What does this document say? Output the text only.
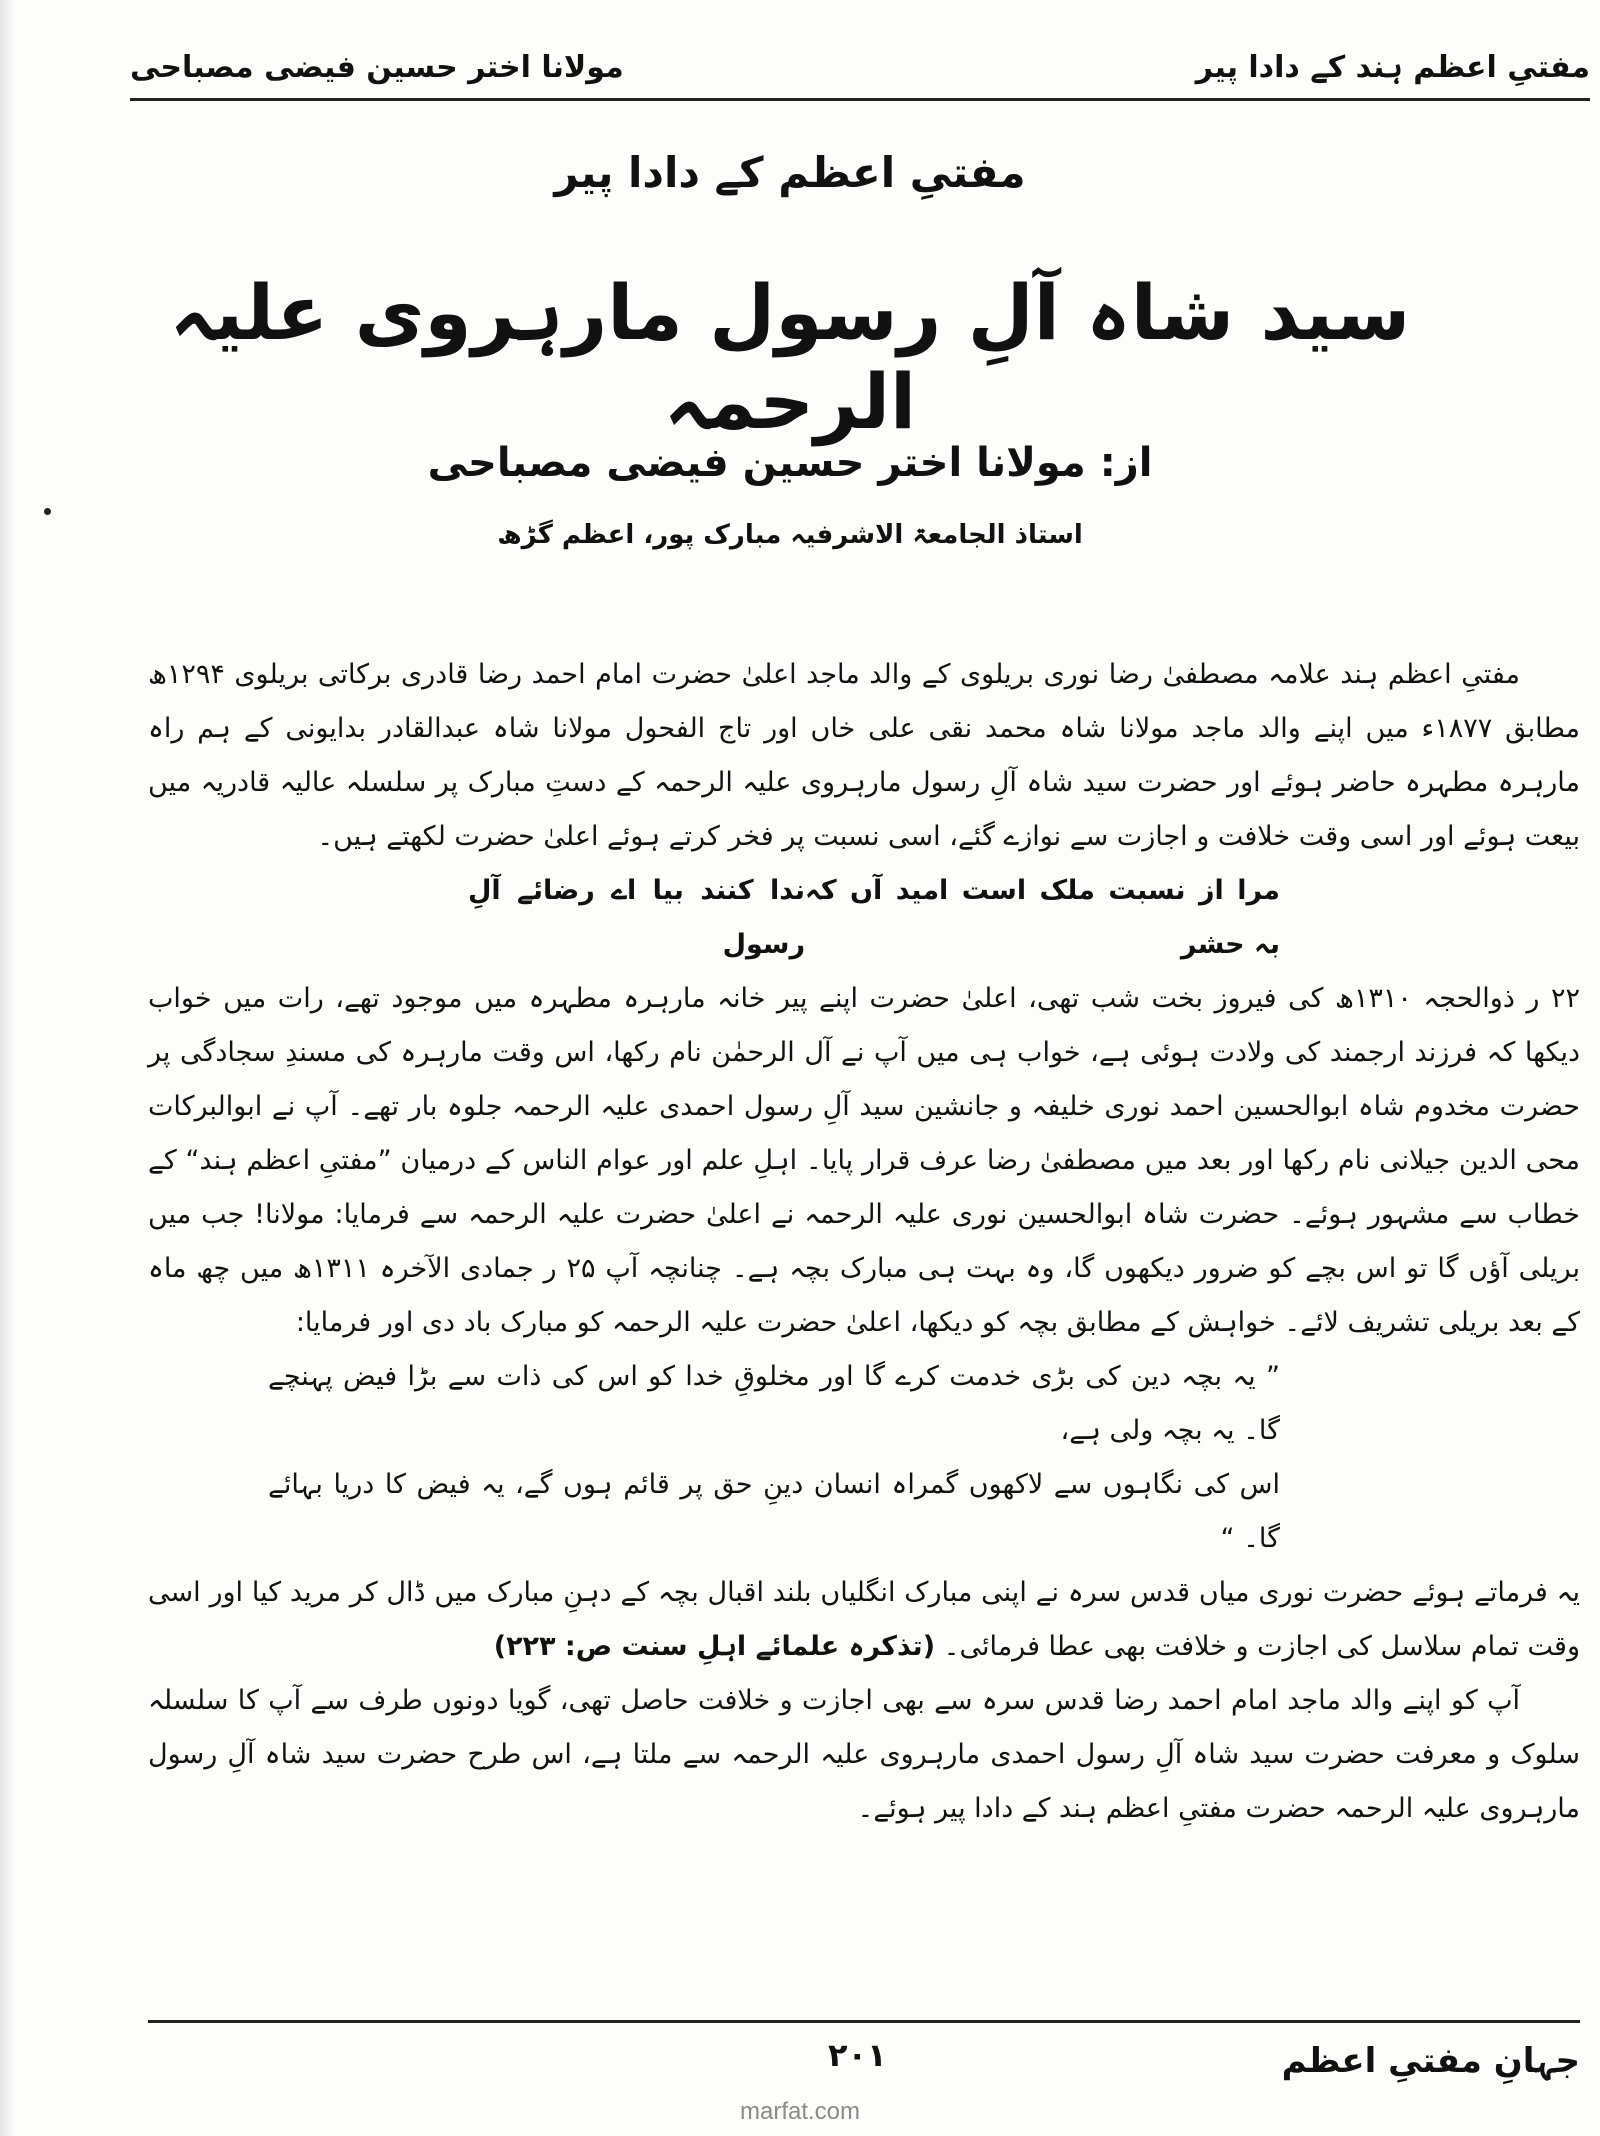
مفتیِ اعظم ہند کے دادا پیر
مولانا اختر حسین فیضی مصباحی
مفتیِ اعظم کے دادا پیر
سید شاہ آلِ رسول مارہروی علیہ الرحمہ
از: مولانا اختر حسین فیضی مصباحی
استاذ الجامعۃ الاشرفیہ مبارک پور، اعظم گڑھ

مفتیِ اعظم ہند علامہ مصطفیٰ رضا نوری بریلوی کے والد ماجد اعلیٰ حضرت امام احمد رضا قادری برکاتی بریلوی ۱۲۹۴ھ مطابق ۱۸۷۷ء میں اپنے والد ماجد مولانا شاہ محمد نقی علی خاں اور تاج الفحول مولانا شاہ عبدالقادر بدایونی کے ہم راہ مارہرہ مطہرہ حاضر ہوئے اور حضرت سید شاہ آلِ رسول مارہروی علیہ الرحمہ کے دستِ مبارک پر سلسلہ عالیہ قادریہ میں بیعت ہوئے اور اسی وقت خلافت و اجازت سے نوازے گئے، اسی نسبت پر فخر کرتے ہوئے اعلیٰ حضرت لکھتے ہیں۔

مرا از نسبت ملک است امید آں کہ بہ حشر
ندا کنند بیا اے رضائے آلِ رسول

۲۲ ر ذوالحجہ ۱۳۱۰ھ کی فیروز بخت شب تھی، اعلیٰ حضرت اپنے پیر خانہ مارہرہ مطہرہ میں موجود تھے، رات میں خواب دیکھا کہ فرزند ارجمند کی ولادت ہوئی ہے، خواب ہی میں آپ نے آل الرحمٰن نام رکھا، اس وقت مارہرہ کی مسندِ سجادگی پر حضرت مخدوم شاہ ابوالحسین احمد نوری خلیفہ و جانشین سید آلِ رسول احمدی علیہ الرحمہ جلوہ بار تھے۔ آپ نے ابوالبرکات محی الدین جیلانی نام رکھا اور بعد میں مصطفیٰ رضا عرف قرار پایا۔ اہلِ علم اور عوام الناس کے درمیان ”مفتیِ اعظم ہند“ کے خطاب سے مشہور ہوئے۔ حضرت شاہ ابوالحسین نوری علیہ الرحمہ نے اعلیٰ حضرت علیہ الرحمہ سے فرمایا: مولانا! جب میں بریلی آؤں گا تو اس بچے کو ضرور دیکھوں گا، وہ بہت ہی مبارک بچہ ہے۔ چنانچہ آپ ۲۵ ر جمادی الآخرہ ۱۳۱۱ھ میں چھ ماہ کے بعد بریلی تشریف لائے۔ خواہش کے مطابق بچہ کو دیکھا، اعلیٰ حضرت علیہ الرحمہ کو مبارک باد دی اور فرمایا:

” یہ بچہ دین کی بڑی خدمت کرے گا اور مخلوقِ خدا کو اس کی ذات سے بڑا فیض پہنچے گا۔ یہ بچہ ولی ہے،

اس کی نگاہوں سے لاکھوں گمراہ انسان دینِ حق پر قائم ہوں گے، یہ فیض کا دریا بہائے گا۔ “

یہ فرماتے ہوئے حضرت نوری میاں قدس سرہ نے اپنی مبارک انگلیاں بلند اقبال بچہ کے دہنِ مبارک میں ڈال کر مرید کیا اور اسی وقت تمام سلاسل کی اجازت و خلافت بھی عطا فرمائی۔ (تذکرہ علمائے اہلِ سنت ص: ۲۲۳)

آپ کو اپنے والد ماجد امام احمد رضا قدس سرہ سے بھی اجازت و خلافت حاصل تھی، گویا دونوں طرف سے آپ کا سلسلہ سلوک و معرفت حضرت سید شاہ آلِ رسول احمدی مارہروی علیہ الرحمہ سے ملتا ہے، اس طرح حضرت سید شاہ آلِ رسول مارہروی علیہ الرحمہ حضرت مفتیِ اعظم ہند کے دادا پیر ہوئے۔

جہانِ مفتیِ اعظم
۲۰۱
marfat.com
